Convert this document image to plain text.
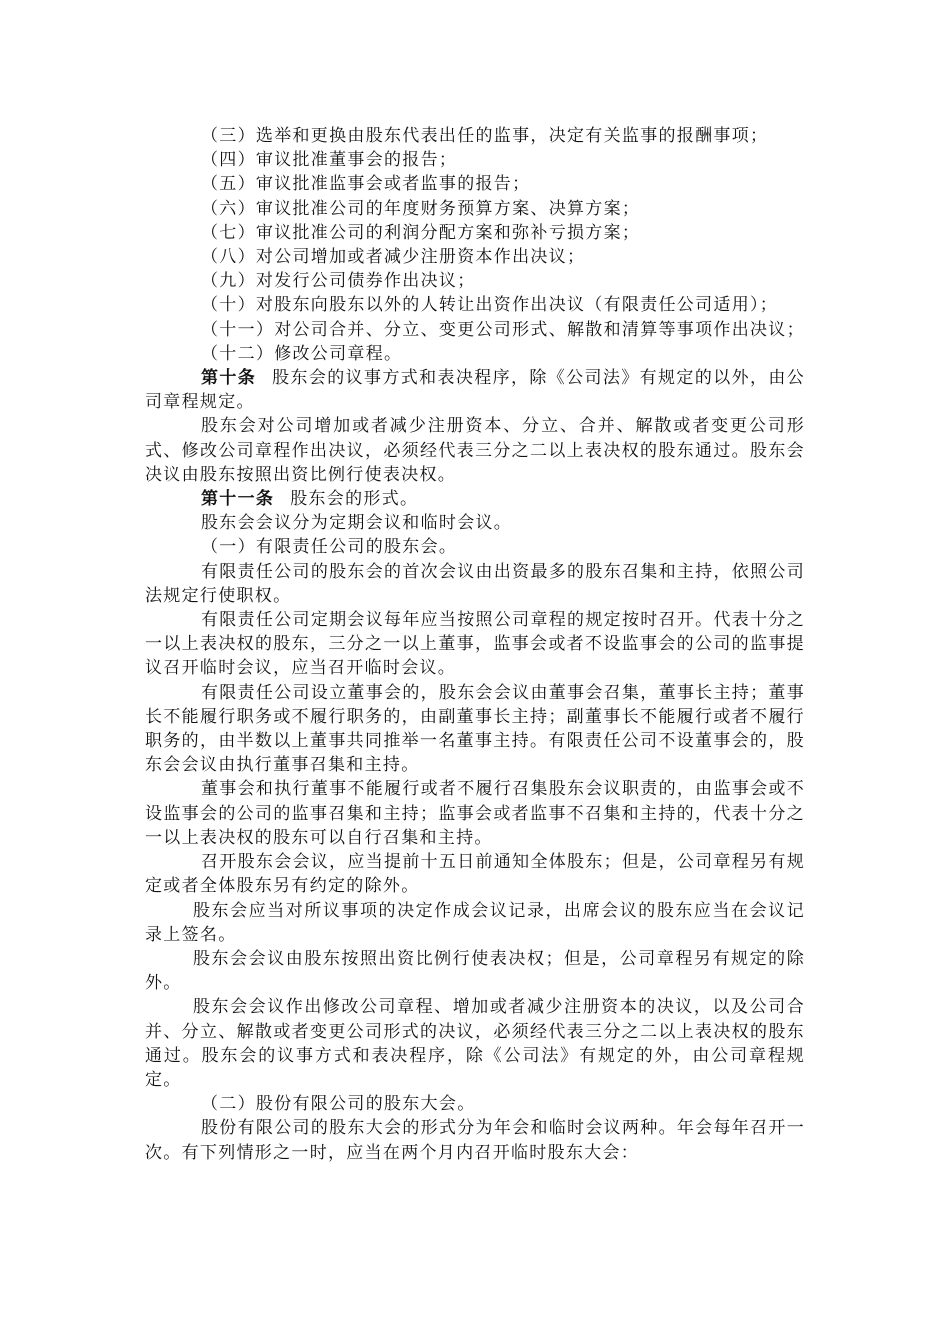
（三）选举和更换由股东代表出任的监事，决定有关监事的报酬事项；

（四）审议批准董事会的报告；

（五）审议批准监事会或者监事的报告；

（六）审议批准公司的年度财务预算方案、决算方案；

（七）审议批准公司的利润分配方案和弥补亏损方案；

（八）对公司增加或者减少注册资本作出决议；

（九）对发行公司债券作出决议；

（十）对股东向股东以外的人转让出资作出决议（有限责任公司适用）；

（十一）对公司合并、分立、变更公司形式、解散和清算等事项作出决议；

（十二）修改公司章程。

第十条 股东会的议事方式和表决程序，除《公司法》有规定的以外，由公司章程规定。

股东会对公司增加或者减少注册资本、分立、合并、解散或者变更公司形式、修改公司章程作出决议，必须经代表三分之二以上表决权的股东通过。股东会决议由股东按照出资比例行使表决权。

第十一条 股东会的形式。

股东会会议分为定期会议和临时会议。

（一）有限责任公司的股东会。

有限责任公司的股东会的首次会议由出资最多的股东召集和主持，依照公司法规定行使职权。

有限责任公司定期会议每年应当按照公司章程的规定按时召开。代表十分之一以上表决权的股东，三分之一以上董事，监事会或者不设监事会的公司的监事提议召开临时会议，应当召开临时会议。

有限责任公司设立董事会的，股东会会议由董事会召集，董事长主持；董事长不能履行职务或不履行职务的，由副董事长主持；副董事长不能履行或者不履行职务的，由半数以上董事共同推举一名董事主持。有限责任公司不设董事会的，股东会会议由执行董事召集和主持。

董事会和执行董事不能履行或者不履行召集股东会议职责的，由监事会或不设监事会的公司的监事召集和主持；监事会或者监事不召集和主持的，代表十分之一以上表决权的股东可以自行召集和主持。

召开股东会会议，应当提前十五日前通知全体股东；但是，公司章程另有规定或者全体股东另有约定的除外。

股东会应当对所议事项的决定作成会议记录，出席会议的股东应当在会议记录上签名。

股东会会议由股东按照出资比例行使表决权；但是，公司章程另有规定的除外。

股东会会议作出修改公司章程、增加或者减少注册资本的决议，以及公司合并、分立、解散或者变更公司形式的决议，必须经代表三分之二以上表决权的股东通过。股东会的议事方式和表决程序，除《公司法》有规定的外，由公司章程规定。

（二）股份有限公司的股东大会。

股份有限公司的股东大会的形式分为年会和临时会议两种。年会每年召开一次。有下列情形之一时，应当在两个月内召开临时股东大会：
